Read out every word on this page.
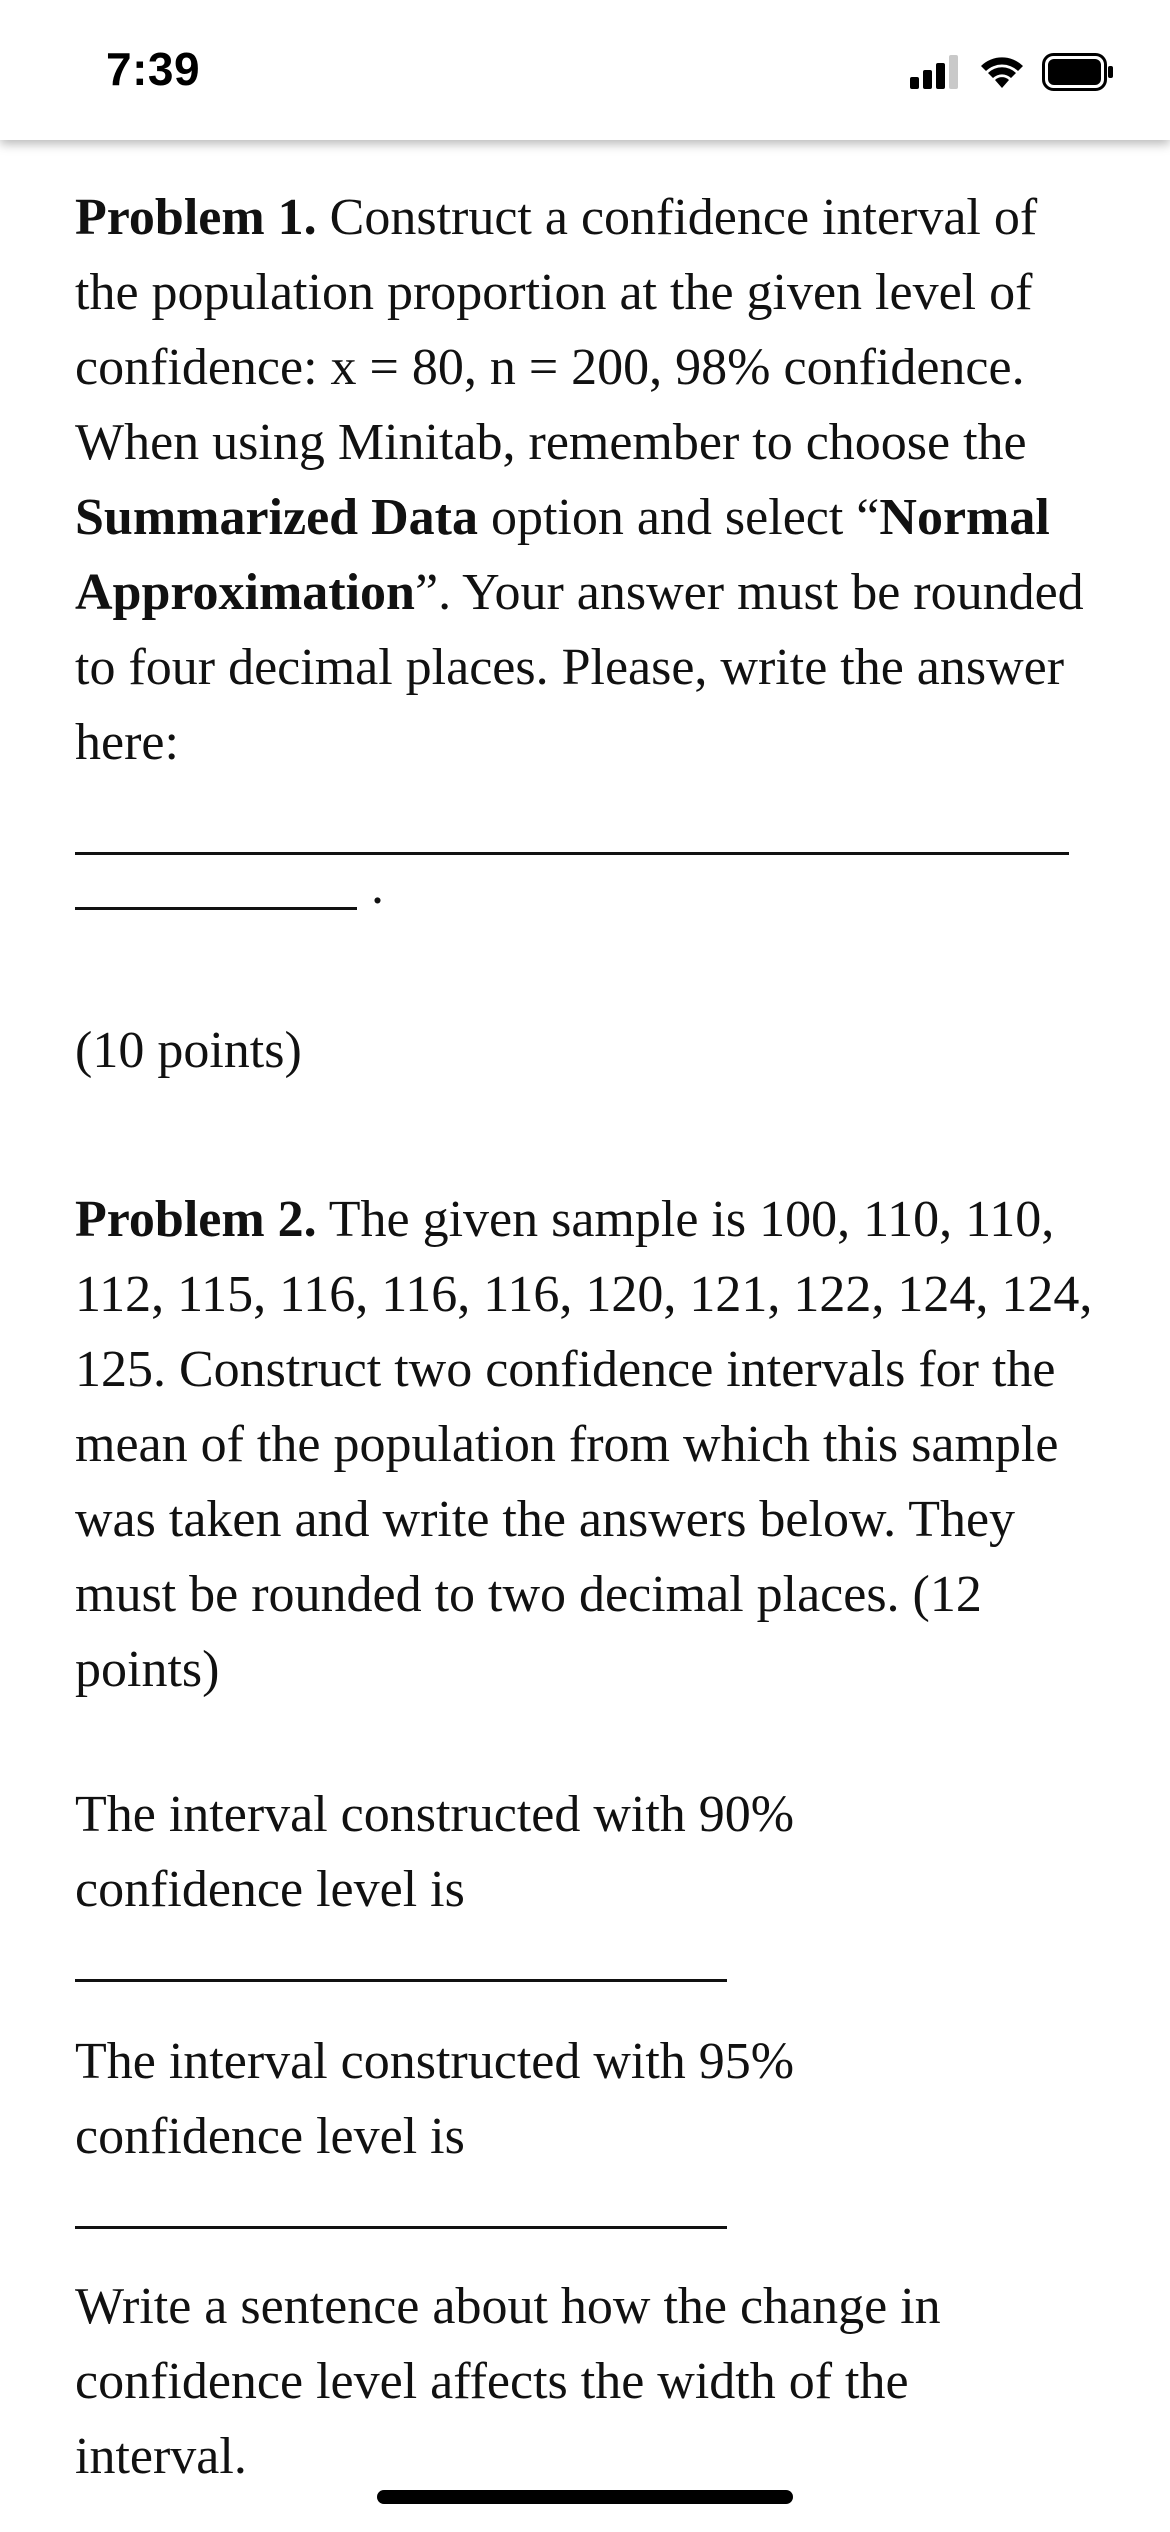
7:39

Problem 1. Construct a confidence interval of the population proportion at the given level of confidence: x = 80, n = 200, 98% confidence. When using Minitab, remember to choose the Summarized Data option and select “Normal Approximation”. Your answer must be rounded to four decimal places. Please, write the answer here:

.

(10 points)

Problem 2. The given sample is 100, 110, 110, 112, 115, 116, 116, 116, 120, 121, 122, 124, 124, 125. Construct two confidence intervals for the mean of the population from which this sample was taken and write the answers below. They must be rounded to two decimal places. (12 points)

The interval constructed with 90% confidence level is

The interval constructed with 95% confidence level is

Write a sentence about how the change in confidence level affects the width of the interval.
